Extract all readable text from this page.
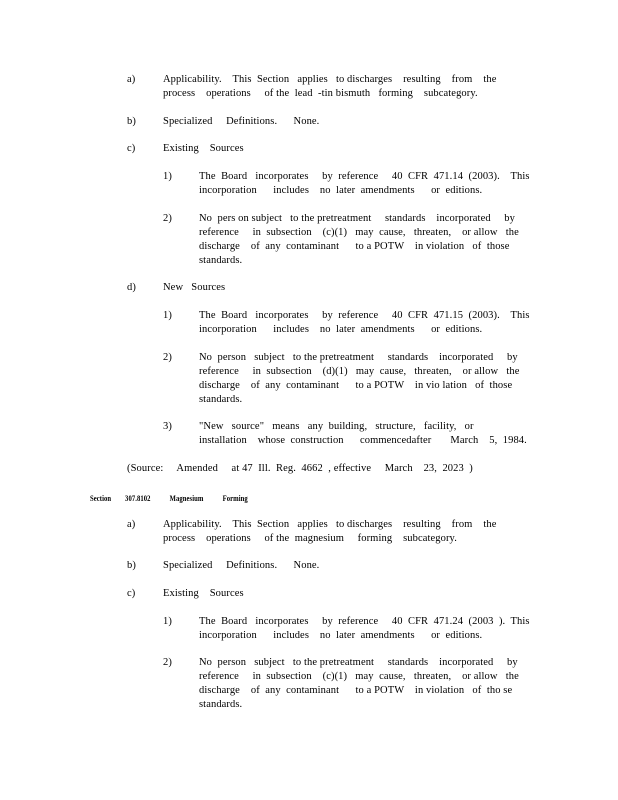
a)	Applicability.    This  Section   applies   to discharges    resulting    from    the
process    operations     of the  lead  -tin bismuth   forming    subcategory.
b)	Specialized     Definitions.      None.
c)	Existing    Sources
1)	The  Board   incorporates     by  reference     40  CFR  471.14  (2003).    This
incorporation      includes    no  later  amendments      or  editions.
2)	No  pers on subject   to the pretreatment     standards    incorporated     by
reference     in  subsection    (c)(1)   may  cause,   threaten,    or allow   the
discharge    of  any  contaminant      to a POTW    in violation   of  those
standards.
d)	New   Sources
1)	The  Board   incorporates     by  reference     40  CFR  471.15  (2003).    This
incorporation      includes    no  later  amendments      or  editions.
2)	No  person   subject   to the pretreatment     standards    incorporated     by
reference     in  subsection    (d)(1)   may  cause,   threaten,    or allow   the
discharge    of  any  contaminant      to a POTW    in vio lation   of  those
standards.
3)	"New   source"   means   any  building,   structure,   facility,   or
installation    whose  construction      commencedafter       March    5,  1984.
(Source:     Amended     at 47  Ill.  Reg.  4662  , effective     March    23,  2023  )
Section        307.8102           Magnesium           Forming
a)	Applicability.    This  Section   applies   to discharges    resulting    from    the
process    operations     of the  magnesium     forming    subcategory.
b)	Specialized     Definitions.      None.
c)	Existing    Sources
1)	The  Board   incorporates     by  reference     40  CFR  471.24  (2003  ).  This
incorporation      includes    no  later  amendments      or  editions.
2)	No  person   subject   to the pretreatment     standards    incorporated     by
reference     in  subsection    (c)(1)   may  cause,   threaten,    or allow   the
discharge    of  any  contaminant      to a POTW    in violation   of  tho se
standards.
